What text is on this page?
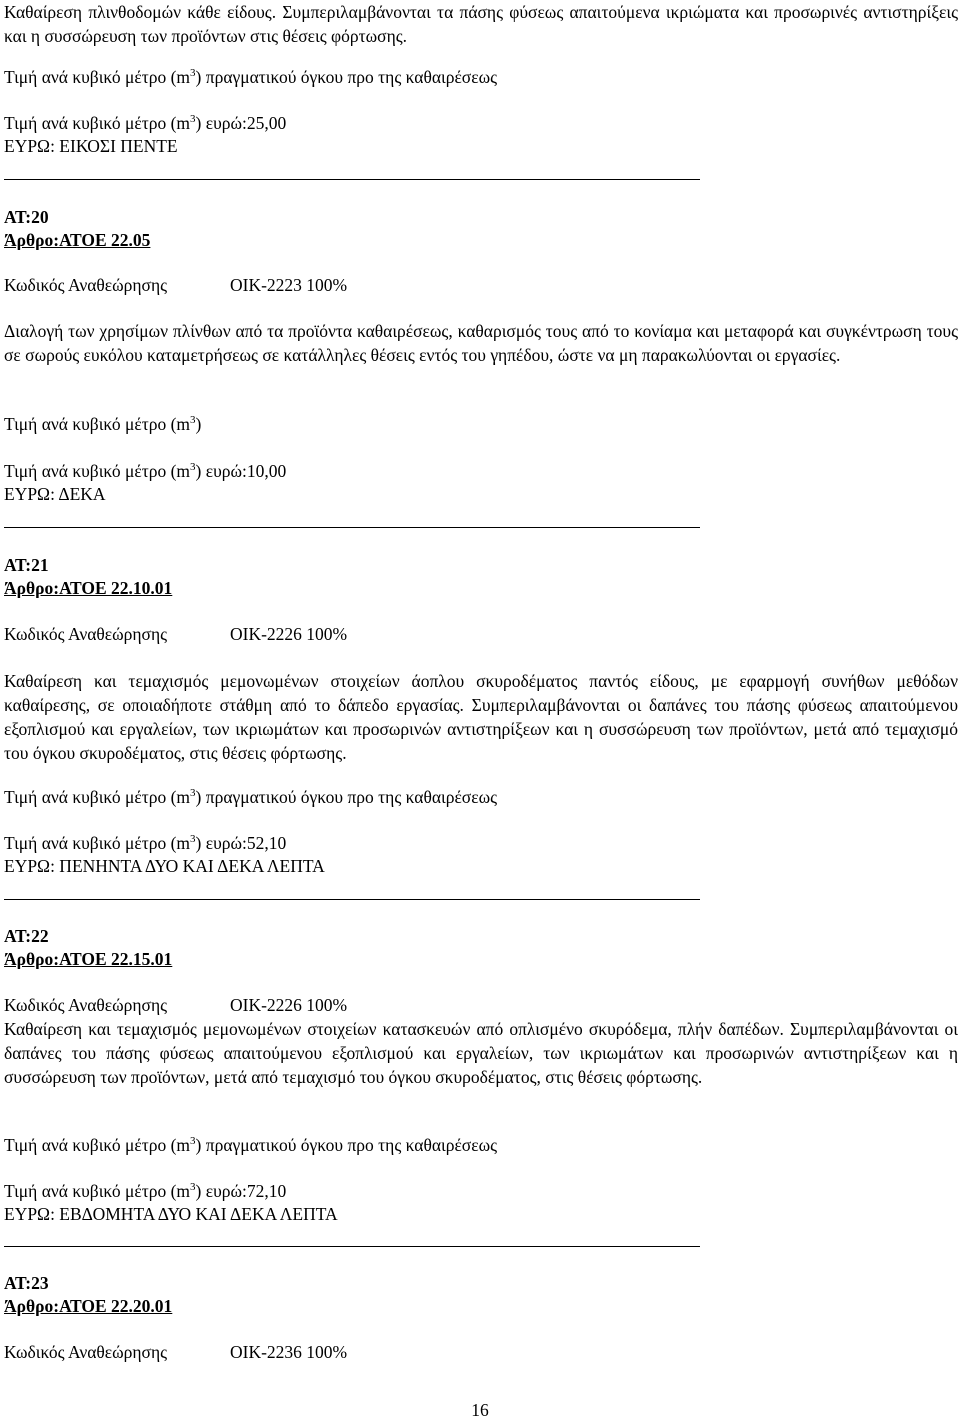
Καθαίρεση πλινθοδομών κάθε είδους. Συμπεριλαμβάνονται τα πάσης φύσεως απαιτούμενα ικριώματα και προσωρινές αντιστηρίξεις και η συσσώρευση των προϊόντων στις θέσεις φόρτωσης.

Τιμή ανά κυβικό μέτρο $(m^3)$ πραγματικού όγκου προ της καθαιρέσεως
Τιμή ανά κυβικό μέτρο $(m^3)$ ευρώ:25,00
ΕΥΡΩ: ΕΙΚΟΣΙ ΠΕΝΤΕ
ΑΤ:20
Άρθρο:ΑΤΟΕ 22.05
Κωδικός Αναθεώρησης	ΟΙΚ-2223 100%

Διαλογή των χρησίμων πλίνθων από τα προϊόντα καθαιρέσεως, καθαρισμός τους από το κονίαμα και μεταφορά και συγκέντρωση τους σε σωρούς ευκόλου καταμετρήσεως σε κατάλληλες θέσεις εντός του γηπέδου, ώστε να μη παρακωλύονται οι εργασίες.

Τιμή ανά κυβικό μέτρο $(m^3)$
Τιμή ανά κυβικό μέτρο $(m^3)$ ευρώ:10,00
ΕΥΡΩ: ΔΕΚΑ
ΑΤ:21
Άρθρο:ΑΤΟΕ 22.10.01
Κωδικός Αναθεώρησης	ΟΙΚ-2226 100%

Καθαίρεση και τεμαχισμός μεμονωμένων στοιχείων άοπλου σκυροδέματος παντός είδους, με εφαρμογή συνήθων μεθόδων καθαίρεσης, σε οποιαδήποτε στάθμη από το δάπεδο εργασίας. Συμπεριλαμβάνονται οι δαπάνες του πάσης φύσεως απαιτούμενου εξοπλισμού και εργαλείων, των ικριωμάτων και προσωρινών αντιστηρίξεων και η συσσώρευση των προϊόντων, μετά από τεμαχισμό του όγκου σκυροδέματος, στις θέσεις φόρτωσης.

Τιμή ανά κυβικό μέτρο $(m^3)$ πραγματικού όγκου προ της καθαιρέσεως
Τιμή ανά κυβικό μέτρο $(m^3)$ ευρώ:52,10
ΕΥΡΩ: ΠΕΝΗΝΤΑ ΔΥΟ ΚΑΙ ΔΕΚΑ ΛΕΠΤΑ
ΑΤ:22
Άρθρο:ΑΤΟΕ 22.15.01
Κωδικός Αναθεώρησης	ΟΙΚ-2226 100%

Καθαίρεση και τεμαχισμός μεμονωμένων στοιχείων κατασκευών από οπλισμένο σκυρόδεμα, πλήν δαπέδων. Συμπεριλαμβάνονται οι δαπάνες του πάσης φύσεως απαιτούμενου εξοπλισμού και εργαλείων, των ικριωμάτων και προσωρινών αντιστηρίξεων και η συσσώρευση των προϊόντων, μετά από τεμαχισμό του όγκου σκυροδέματος, στις θέσεις φόρτωσης.

Τιμή ανά κυβικό μέτρο $(m^3)$ πραγματικού όγκου προ της καθαιρέσεως
Τιμή ανά κυβικό μέτρο $(m^3)$ ευρώ:72,10
ΕΥΡΩ: ΕΒΔΟΜΗΤΑ ΔΥΟ ΚΑΙ ΔΕΚΑ ΛΕΠΤΑ
ΑΤ:23
Άρθρο:ΑΤΟΕ 22.20.01
Κωδικός Αναθεώρησης	ΟΙΚ-2236 100%
16
